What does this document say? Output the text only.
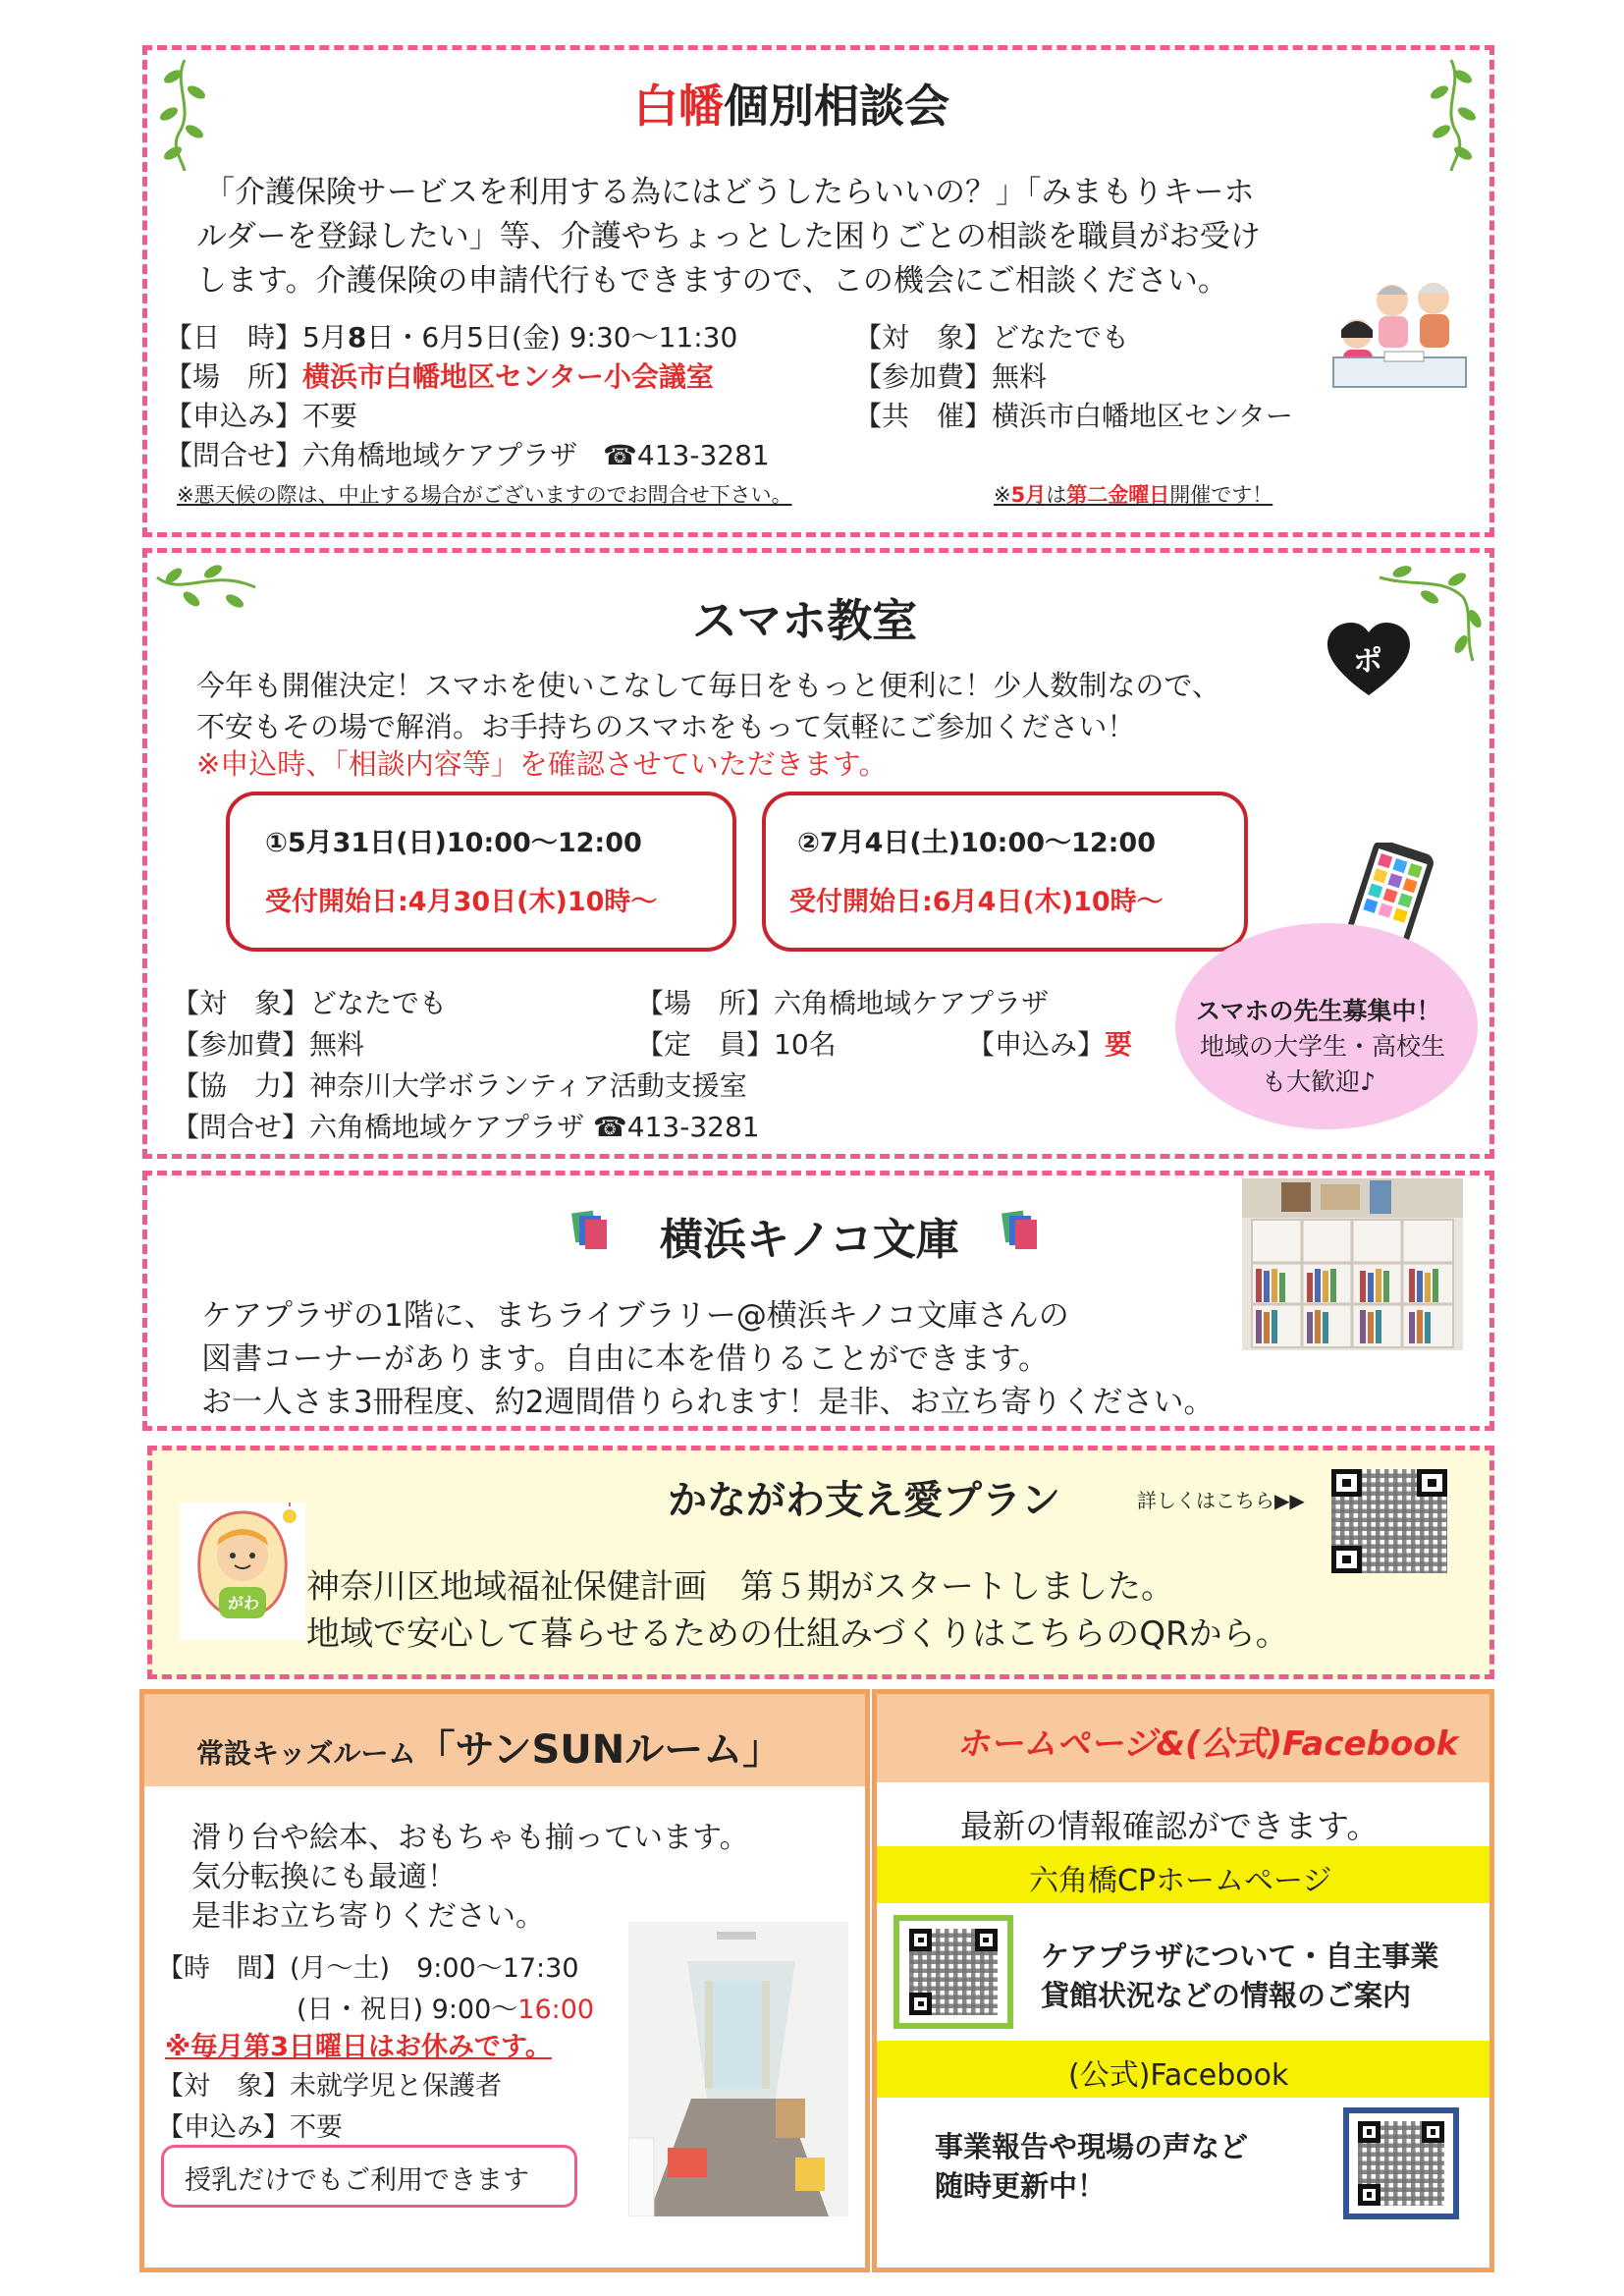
白幡個別相談会
「介護保険サービスを利用する為にはどうしたらいいの？」「みまもりキーホ
ルダーを登録したい」等、介護やちょっとした困りごとの相談を職員がお受け
します。介護保険の申請代行もできますので、この機会にご相談ください。
【日　時】5月8日・6月5日(金) 9:30～11:30
【場　所】横浜市白幡地区センター小会議室
【申込み】不要
【問合せ】六角橋地域ケアプラザ ☎413-3281
【対　象】どなたでも
【参加費】無料
【共　催】横浜市白幡地区センター
※悪天候の際は、中止する場合がございますのでお問合せ下さい。	※5月は第二金曜日開催です！
スマホ教室
ポ
今年も開催決定！スマホを使いこなして毎日をもっと便利に！少人数制なので、
不安もその場で解消。お手持ちのスマホをもって気軽にご参加ください！
※申込時、「相談内容等」を確認させていただきます。
①5月31日(日)10:00～12:00
受付開始日:4月30日(木)10時～
②7月4日(土)10:00～12:00
受付開始日:6月4日(木)10時～
【対　象】どなたでも
【参加費】無料
【協　力】神奈川大学ボランティア活動支援室
【問合せ】六角橋地域ケアプラザ ☎413-3281
【場　所】六角橋地域ケアプラザ
【定　員】10名	【申込み】要
スマホの先生募集中！
地域の大学生・高校生
も大歓迎♪
横浜キノコ文庫
ケアプラザの1階に、まちライブラリー@横浜キノコ文庫さんの
図書コーナーがあります。自由に本を借りることができます。
お一人さま3冊程度、約2週間借りられます！是非、お立ち寄りください。
かながわ支え愛プラン	詳しくはこちら▶▶
がわ 神奈川区地域福祉保健計画　第５期がスタートしました。
地域で安心して暮らせるための仕組みづくりはこちらのQRから。
常設キッズルーム「サンSUNルーム」
滑り台や絵本、おもちゃも揃っています。
気分転換にも最適！
是非お立ち寄りください。
【時　間】(月～土)　9:00～17:30
(日・祝日) 9:00～16:00
※毎月第3日曜日はお休みです。
【対　象】未就学児と保護者
【申込み】不要
授乳だけでもご利用できます
ホームページ&(公式)Facebook
最新の情報確認ができます。
六角橋CPホームページ
ケアプラザについて・自主事業
貸館状況などの情報のご案内
(公式)Facebook
事業報告や現場の声など
随時更新中！
